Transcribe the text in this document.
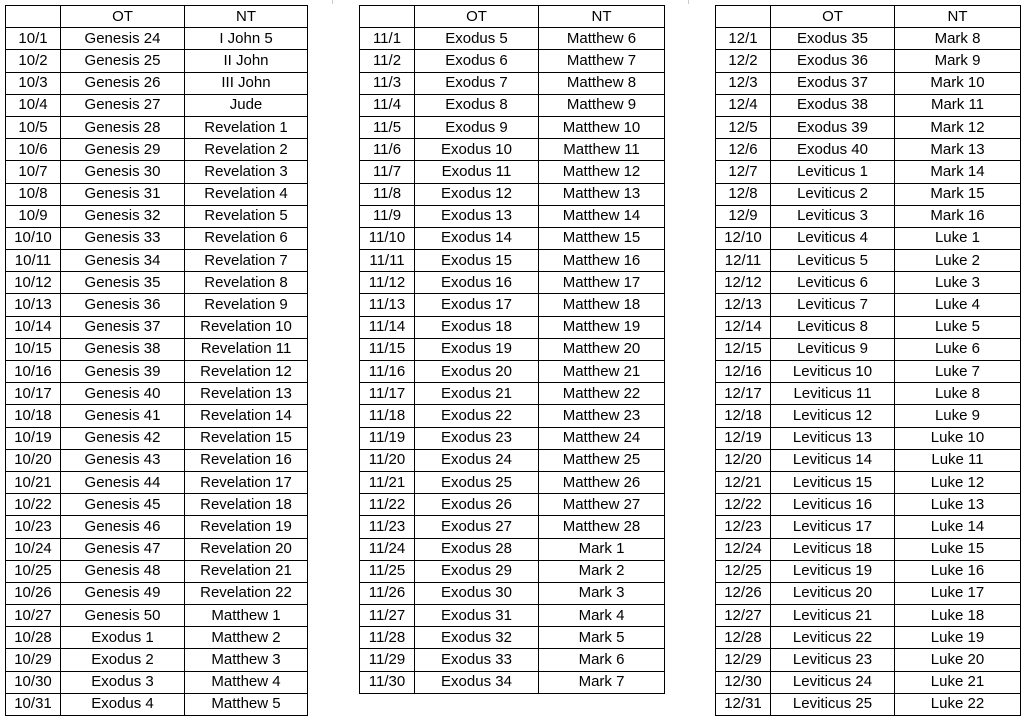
	OT	NT
10/1	Genesis 24	I John 5
10/2	Genesis 25	II John
10/3	Genesis 26	III John
10/4	Genesis 27	Jude
10/5	Genesis 28	Revelation 1
10/6	Genesis 29	Revelation 2
10/7	Genesis 30	Revelation 3
10/8	Genesis 31	Revelation 4
10/9	Genesis 32	Revelation 5
10/10	Genesis 33	Revelation 6
10/11	Genesis 34	Revelation 7
10/12	Genesis 35	Revelation 8
10/13	Genesis 36	Revelation 9
10/14	Genesis 37	Revelation 10
10/15	Genesis 38	Revelation 11
10/16	Genesis 39	Revelation 12
10/17	Genesis 40	Revelation 13
10/18	Genesis 41	Revelation 14
10/19	Genesis 42	Revelation 15
10/20	Genesis 43	Revelation 16
10/21	Genesis 44	Revelation 17
10/22	Genesis 45	Revelation 18
10/23	Genesis 46	Revelation 19
10/24	Genesis 47	Revelation 20
10/25	Genesis 48	Revelation 21
10/26	Genesis 49	Revelation 22
10/27	Genesis 50	Matthew 1
10/28	Exodus 1	Matthew 2
10/29	Exodus 2	Matthew 3
10/30	Exodus 3	Matthew 4
10/31	Exodus 4	Matthew 5
	OT	NT
11/1	Exodus 5	Matthew 6
11/2	Exodus 6	Matthew 7
11/3	Exodus 7	Matthew 8
11/4	Exodus 8	Matthew 9
11/5	Exodus 9	Matthew 10
11/6	Exodus 10	Matthew 11
11/7	Exodus 11	Matthew 12
11/8	Exodus 12	Matthew 13
11/9	Exodus 13	Matthew 14
11/10	Exodus 14	Matthew 15
11/11	Exodus 15	Matthew 16
11/12	Exodus 16	Matthew 17
11/13	Exodus 17	Matthew 18
11/14	Exodus 18	Matthew 19
11/15	Exodus 19	Matthew 20
11/16	Exodus 20	Matthew 21
11/17	Exodus 21	Matthew 22
11/18	Exodus 22	Matthew 23
11/19	Exodus 23	Matthew 24
11/20	Exodus 24	Matthew 25
11/21	Exodus 25	Matthew 26
11/22	Exodus 26	Matthew 27
11/23	Exodus 27	Matthew 28
11/24	Exodus 28	Mark 1
11/25	Exodus 29	Mark 2
11/26	Exodus 30	Mark 3
11/27	Exodus 31	Mark 4
11/28	Exodus 32	Mark 5
11/29	Exodus 33	Mark 6
11/30	Exodus 34	Mark 7
	OT	NT
12/1	Exodus 35	Mark 8
12/2	Exodus 36	Mark 9
12/3	Exodus 37	Mark 10
12/4	Exodus 38	Mark 11
12/5	Exodus 39	Mark 12
12/6	Exodus 40	Mark 13
12/7	Leviticus 1	Mark 14
12/8	Leviticus 2	Mark 15
12/9	Leviticus 3	Mark 16
12/10	Leviticus 4	Luke 1
12/11	Leviticus 5	Luke 2
12/12	Leviticus 6	Luke 3
12/13	Leviticus 7	Luke 4
12/14	Leviticus 8	Luke 5
12/15	Leviticus 9	Luke 6
12/16	Leviticus 10	Luke 7
12/17	Leviticus 11	Luke 8
12/18	Leviticus 12	Luke 9
12/19	Leviticus 13	Luke 10
12/20	Leviticus 14	Luke 11
12/21	Leviticus 15	Luke 12
12/22	Leviticus 16	Luke 13
12/23	Leviticus 17	Luke 14
12/24	Leviticus 18	Luke 15
12/25	Leviticus 19	Luke 16
12/26	Leviticus 20	Luke 17
12/27	Leviticus 21	Luke 18
12/28	Leviticus 22	Luke 19
12/29	Leviticus 23	Luke 20
12/30	Leviticus 24	Luke 21
12/31	Leviticus 25	Luke 22
